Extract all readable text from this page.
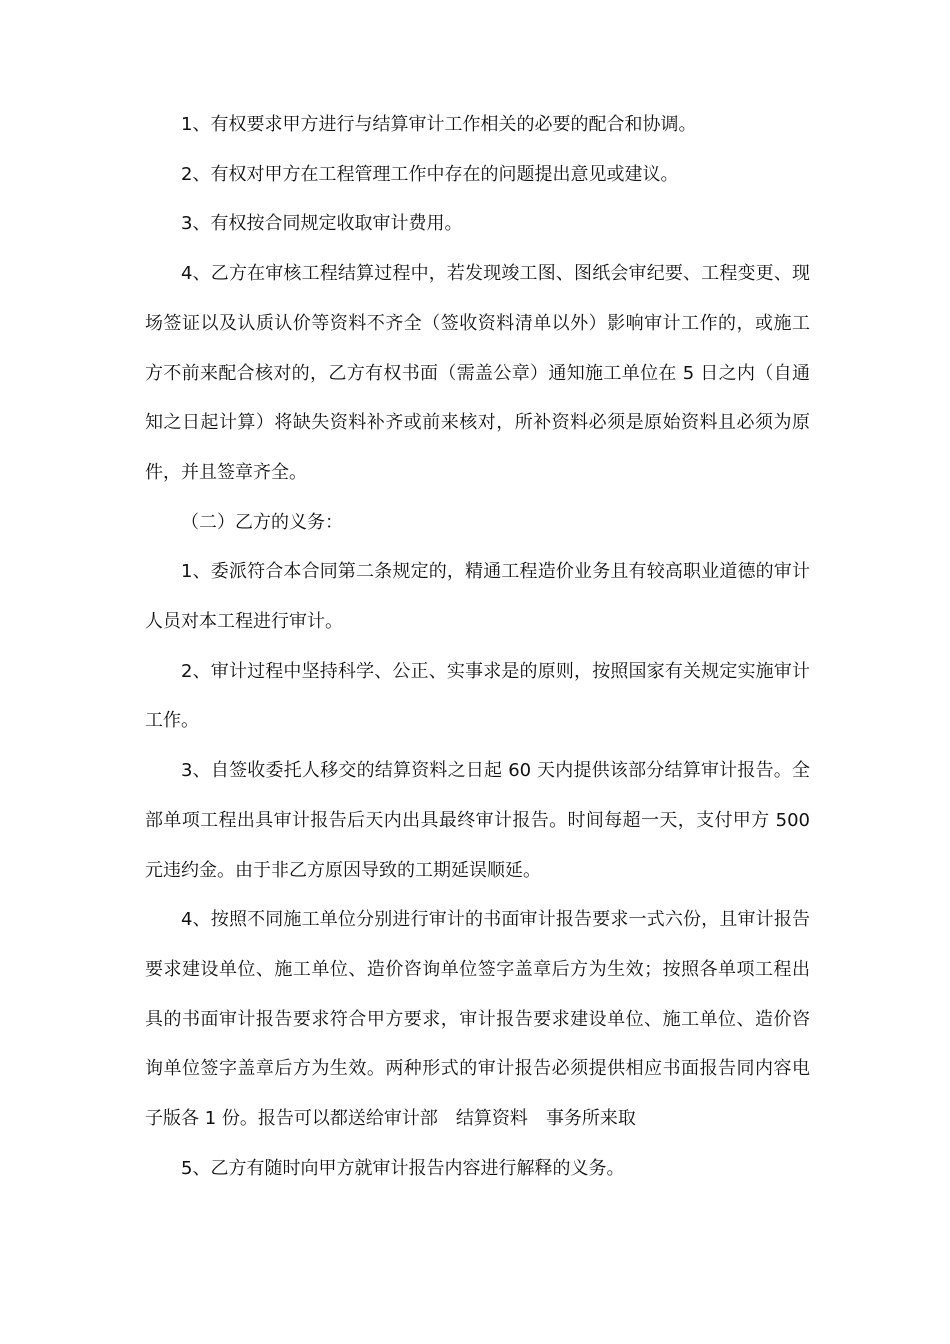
1、有权要求甲方进行与结算审计工作相关的必要的配合和协调。

2、有权对甲方在工程管理工作中存在的问题提出意见或建议。

3、有权按合同规定收取审计费用。

4、乙方在审核工程结算过程中，若发现竣工图、图纸会审纪要、工程变更、现场签证以及认质认价等资料不齐全（签收资料清单以外）影响审计工作的，或施工方不前来配合核对的，乙方有权书面（需盖公章）通知施工单位在 5 日之内（自通知之日起计算）将缺失资料补齐或前来核对，所补资料必须是原始资料且必须为原件，并且签章齐全。

（二）乙方的义务：

1、委派符合本合同第二条规定的，精通工程造价业务且有较高职业道德的审计人员对本工程进行审计。

2、审计过程中坚持科学、公正、实事求是的原则，按照国家有关规定实施审计工作。

3、自签收委托人移交的结算资料之日起 60 天内提供该部分结算审计报告。全部单项工程出具审计报告后天内出具最终审计报告。时间每超一天，支付甲方 500 元违约金。由于非乙方原因导致的工期延误顺延。

4、按照不同施工单位分别进行审计的书面审计报告要求一式六份，且审计报告要求建设单位、施工单位、造价咨询单位签字盖章后方为生效；按照各单项工程出具的书面审计报告要求符合甲方要求，审计报告要求建设单位、施工单位、造价咨询单位签字盖章后方为生效。两种形式的审计报告必须提供相应书面报告同内容电子版各 1 份。报告可以都送给审计部　结算资料　事务所来取

5、乙方有随时向甲方就审计报告内容进行解释的义务。
